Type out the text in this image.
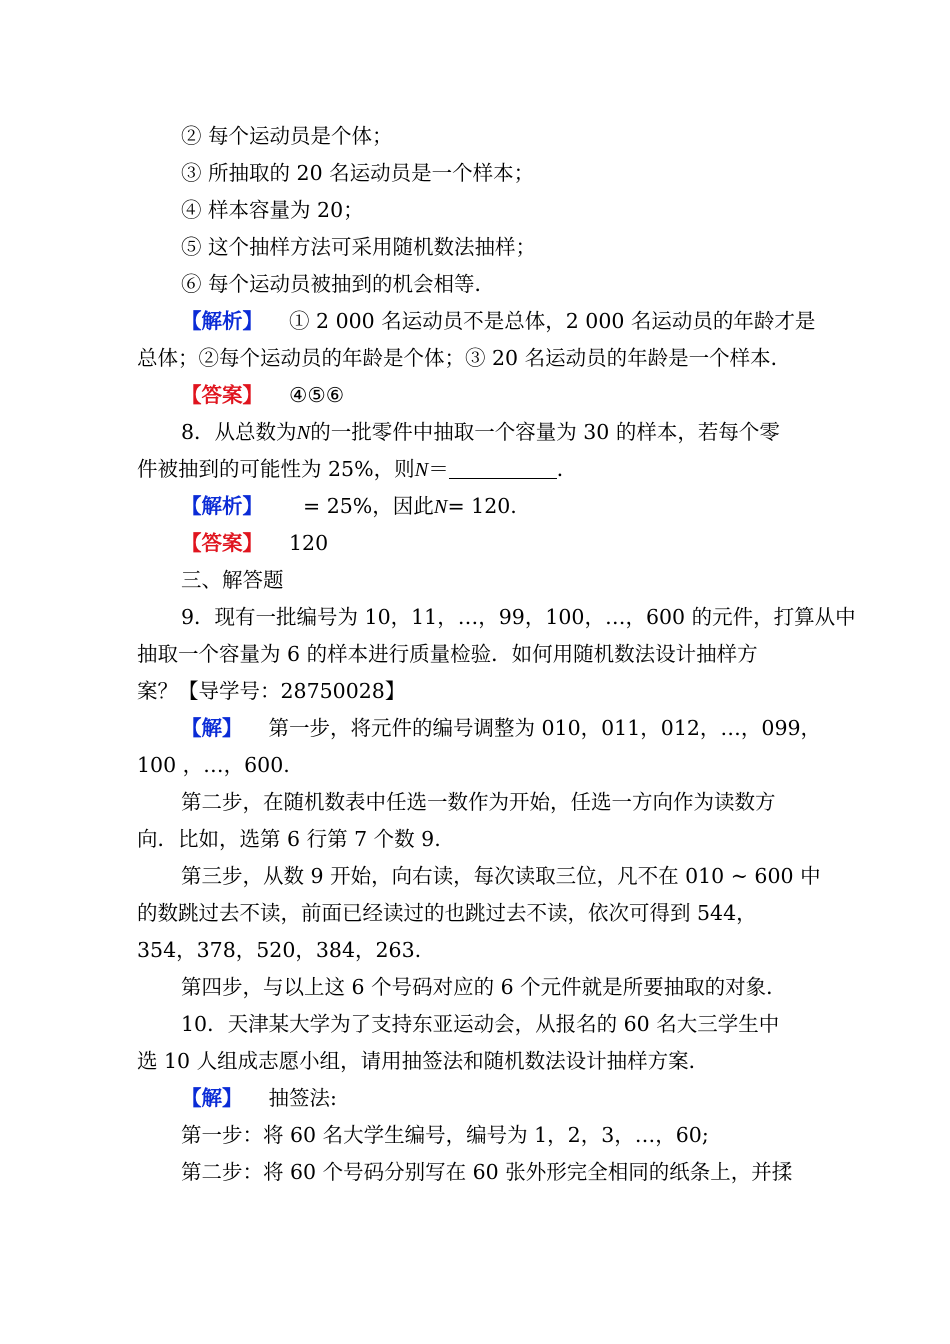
② 每个运动员是个体；
③ 所抽取的 20 名运动员是一个样本；
④ 样本容量为 20；
⑤ 这个抽样方法可采用随机数法抽样；
⑥ 每个运动员被抽到的机会相等．
【解析】 ① 2 000 名运动员不是总体，2 000 名运动员的年龄才是
总体；②每个运动员的年龄是个体；③ 20 名运动员的年龄是一个样本．
【答案】 ④⑤⑥
8．从总数为N的一批零件中抽取一个容量为 30 的样本，若每个零
件被抽到的可能性为 25%，则N＝	．
【解析】 = 25%，因此N= 120.
【答案】 120
三、解答题
9．现有一批编号为 10，11，…，99，100，…，600 的元件，打算从中
抽取一个容量为 6 的样本进行质量检验．如何用随机数法设计抽样方
案？【导学号：28750028】
【解】 第一步，将元件的编号调整为 010，011，012，…，099，
100 ，…，600.
第二步，在随机数表中任选一数作为开始，任选一方向作为读数方
向．比如，选第 6 行第 7 个数 9.
第三步，从数 9 开始，向右读，每次读取三位，凡不在 010 ~ 600 中
的数跳过去不读，前面已经读过的也跳过去不读，依次可得到 544，
354，378，520，384，263.
第四步，与以上这 6 个号码对应的 6 个元件就是所要抽取的对象．
10．天津某大学为了支持东亚运动会，从报名的 60 名大三学生中
选 10 人组成志愿小组，请用抽签法和随机数法设计抽样方案．
【解】 抽签法:
第一步：将 60 名大学生编号，编号为 1，2，3，…，60;
第二步：将 60 个号码分别写在 60 张外形完全相同的纸条上，并揉
